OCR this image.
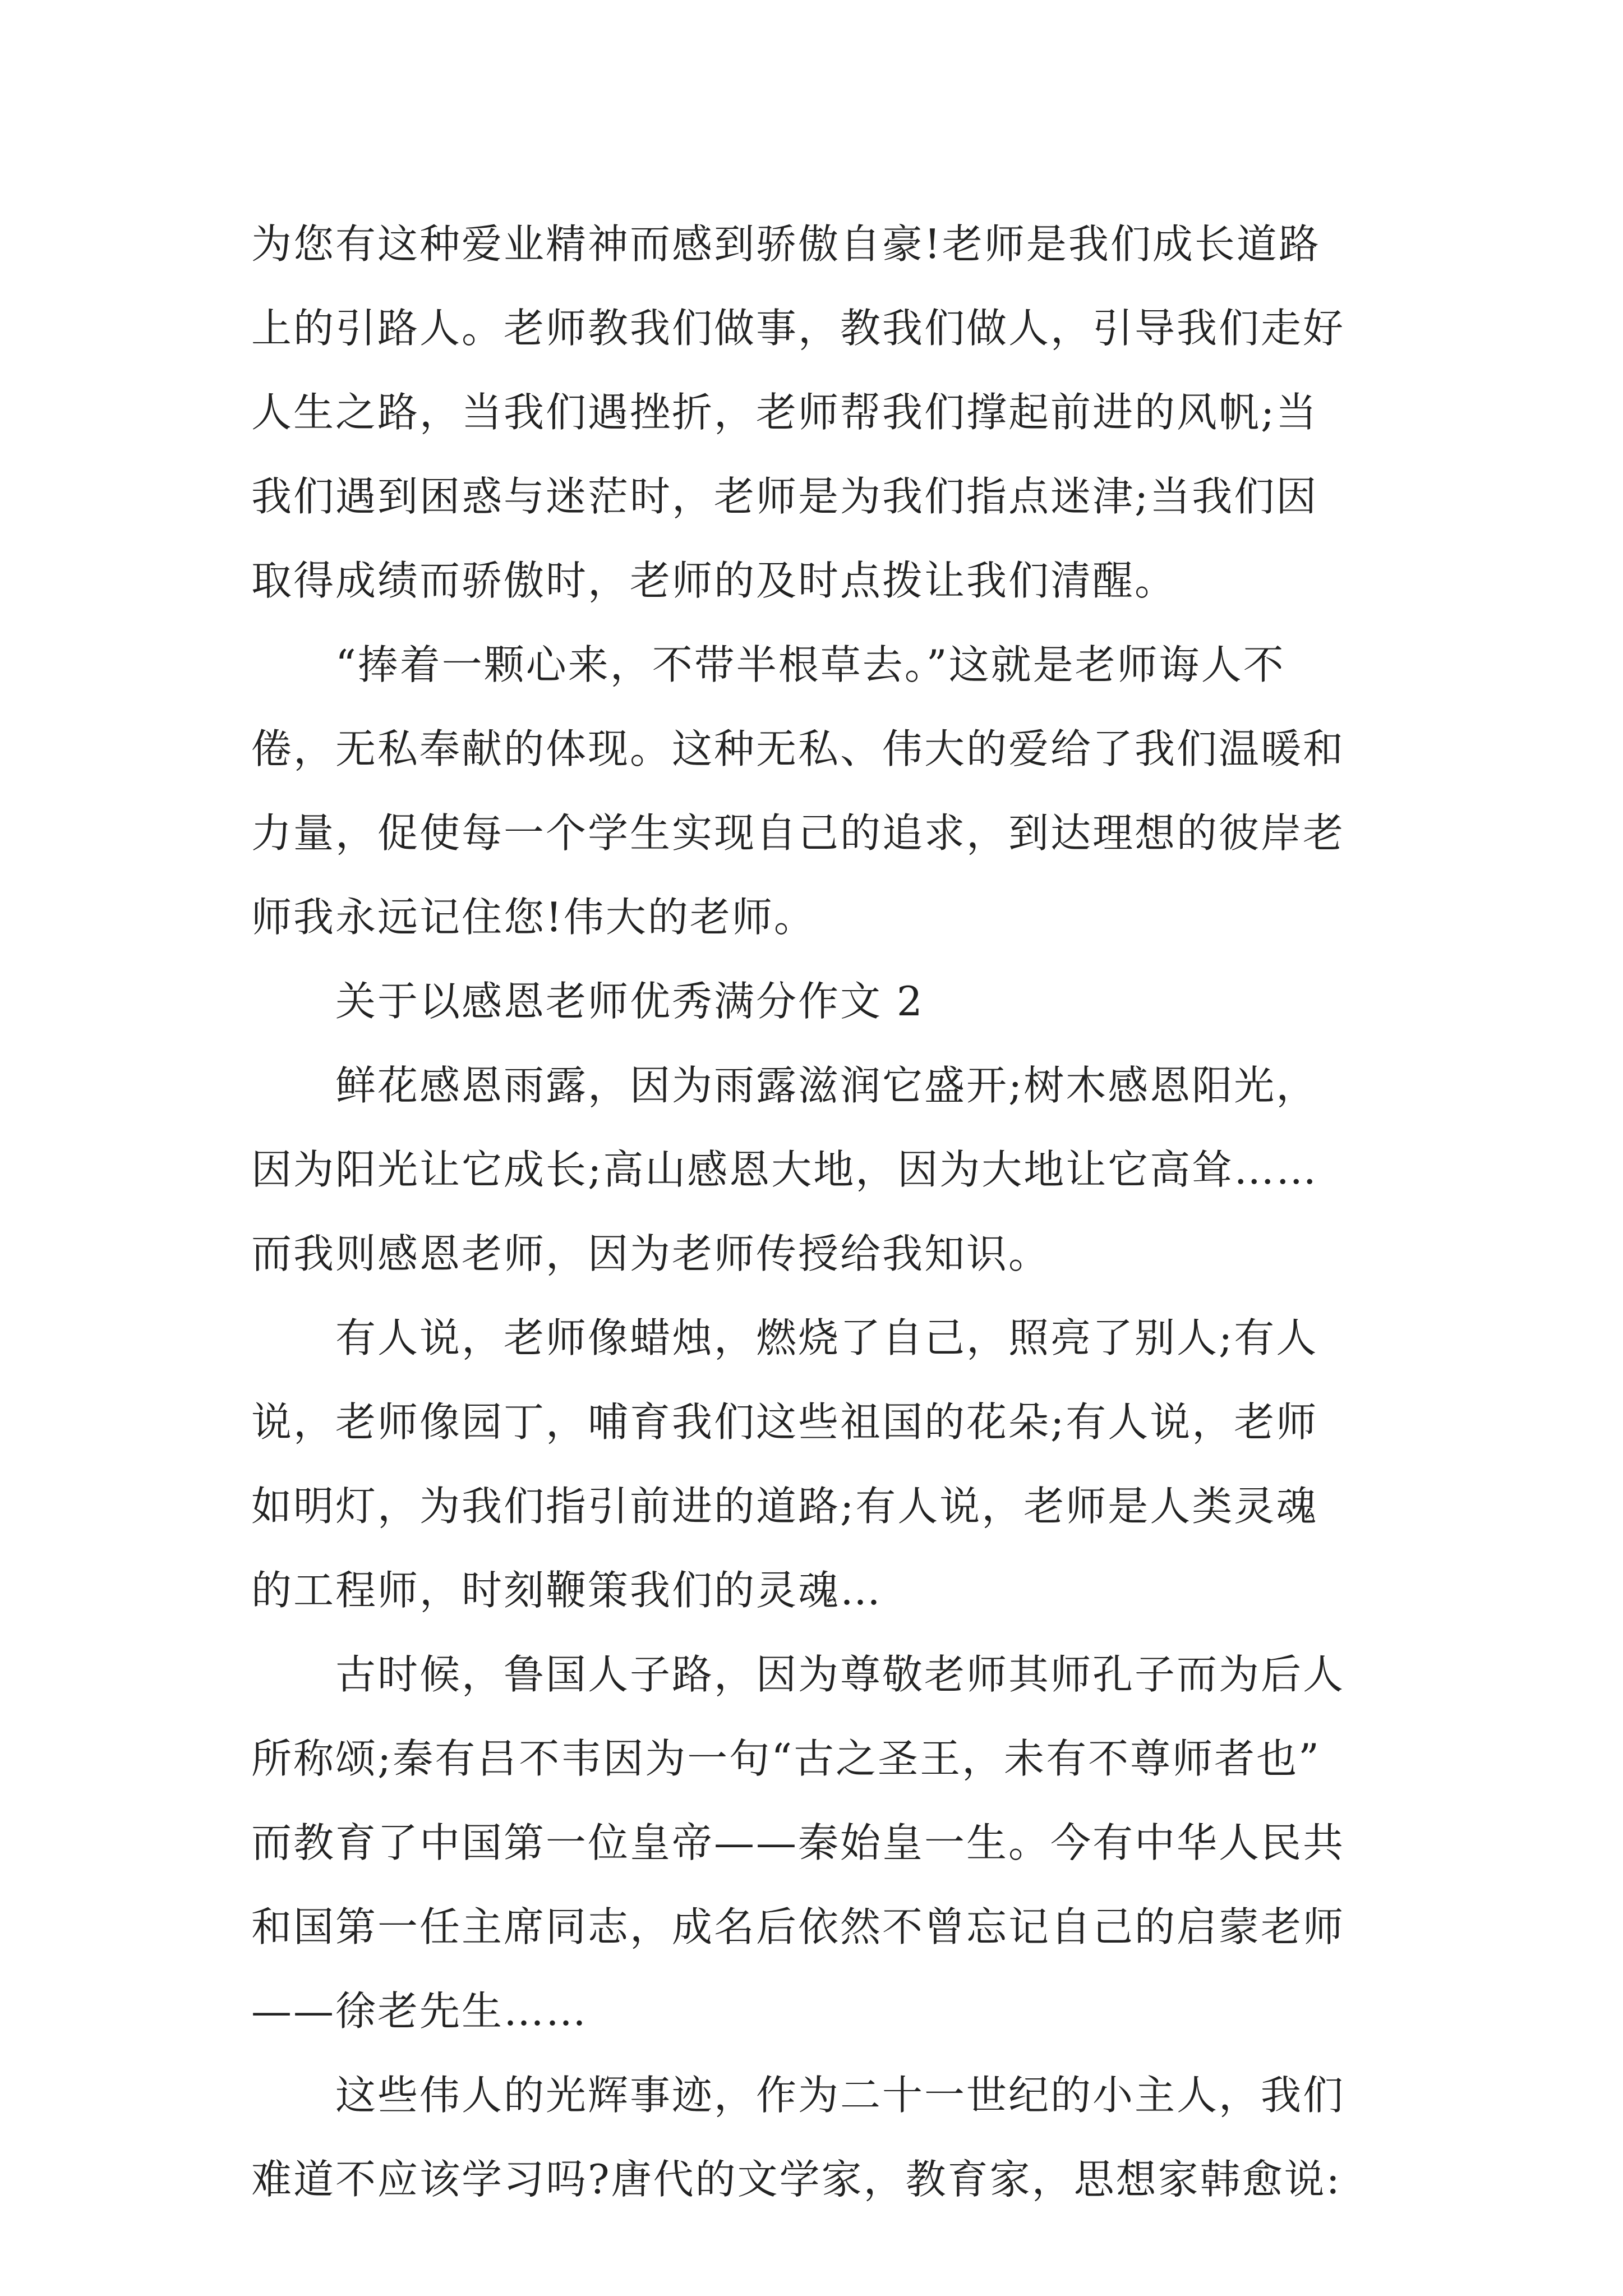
为您有这种爱业精神而感到骄傲自豪!老师是我们成长道路
上的引路人。老师教我们做事，教我们做人，引导我们走好
人生之路，当我们遇挫折，老师帮我们撑起前进的风帆;当
我们遇到困惑与迷茫时，老师是为我们指点迷津;当我们因
取得成绩而骄傲时，老师的及时点拨让我们清醒。
“捧着一颗心来，不带半根草去。”这就是老师诲人不
倦，无私奉献的体现。这种无私、伟大的爱给了我们温暖和
力量，促使每一个学生实现自己的追求，到达理想的彼岸老
师我永远记住您!伟大的老师。
关于以感恩老师优秀满分作文 2
鲜花感恩雨露，因为雨露滋润它盛开;树木感恩阳光，
因为阳光让它成长;高山感恩大地，因为大地让它高耸……
而我则感恩老师，因为老师传授给我知识。
有人说，老师像蜡烛，燃烧了自己，照亮了别人;有人
说，老师像园丁，哺育我们这些祖国的花朵;有人说，老师
如明灯，为我们指引前进的道路;有人说，老师是人类灵魂
的工程师，时刻鞭策我们的灵魂…
古时候，鲁国人子路，因为尊敬老师其师孔子而为后人
所称颂;秦有吕不韦因为一句“古之圣王，未有不尊师者也”
而教育了中国第一位皇帝——秦始皇一生。今有中华人民共
和国第一任主席同志，成名后依然不曾忘记自己的启蒙老师
——徐老先生……
这些伟人的光辉事迹，作为二十一世纪的小主人，我们
难道不应该学习吗?唐代的文学家，教育家，思想家韩愈说:
